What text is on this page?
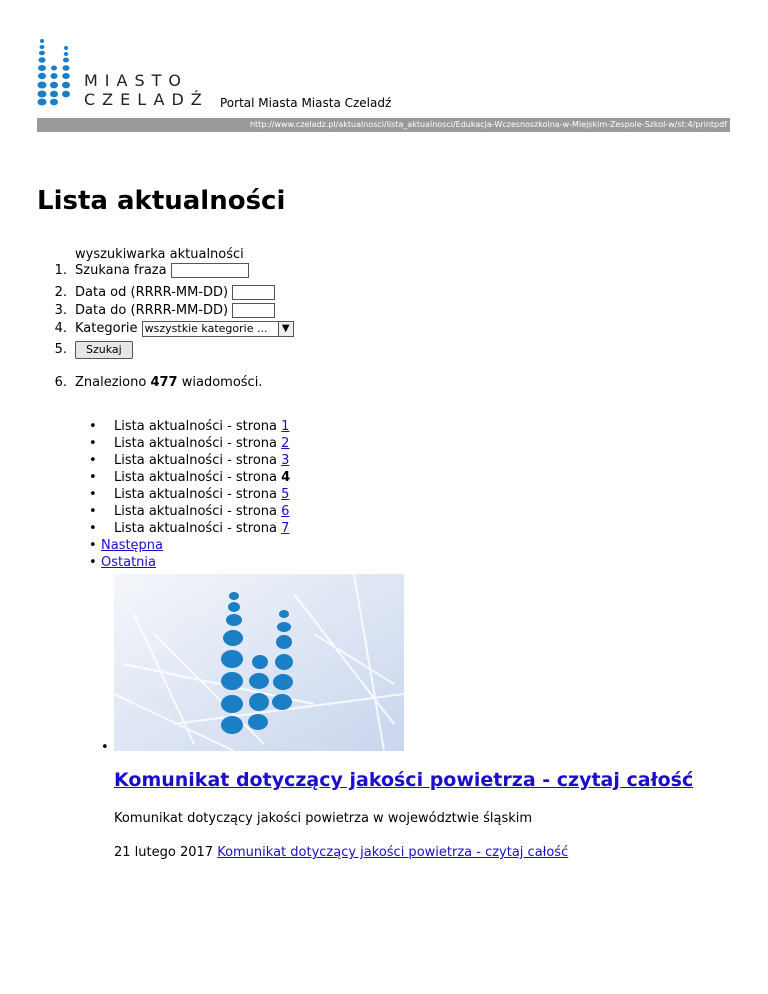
MIASTO
CZELADŹ Portal Miasta Miasta Czeladź
http://www.czeladz.pl/aktualnosci/lista_aktualnosci/Edukacja-Wczesnoszkolna-w-Miejskim-Zespole-Szkol-w/st:4/printpdf
Lista aktualności
wyszukiwarka aktualności
1. Szukana fraza
2. Data od (RRRR-MM-DD)
3. Data do (RRRR-MM-DD)
4. Kategorie wszystkie kategorie ...	▼
5.	Szukaj
6. Znaleziono 477 wiadomości.
• Lista aktualności - strona 1
• Lista aktualności - strona 2
• Lista aktualności - strona 3
• Lista aktualności - strona 4
• Lista aktualności - strona 5
• Lista aktualności - strona 6
• Lista aktualności - strona 7
• Następna
• Ostatnia
•
Komunikat dotyczący jakości powietrza - czytaj całość
Komunikat dotyczący jakości powietrza w województwie śląskim
21 lutego 2017 Komunikat dotyczący jakości powietrza - czytaj całość
